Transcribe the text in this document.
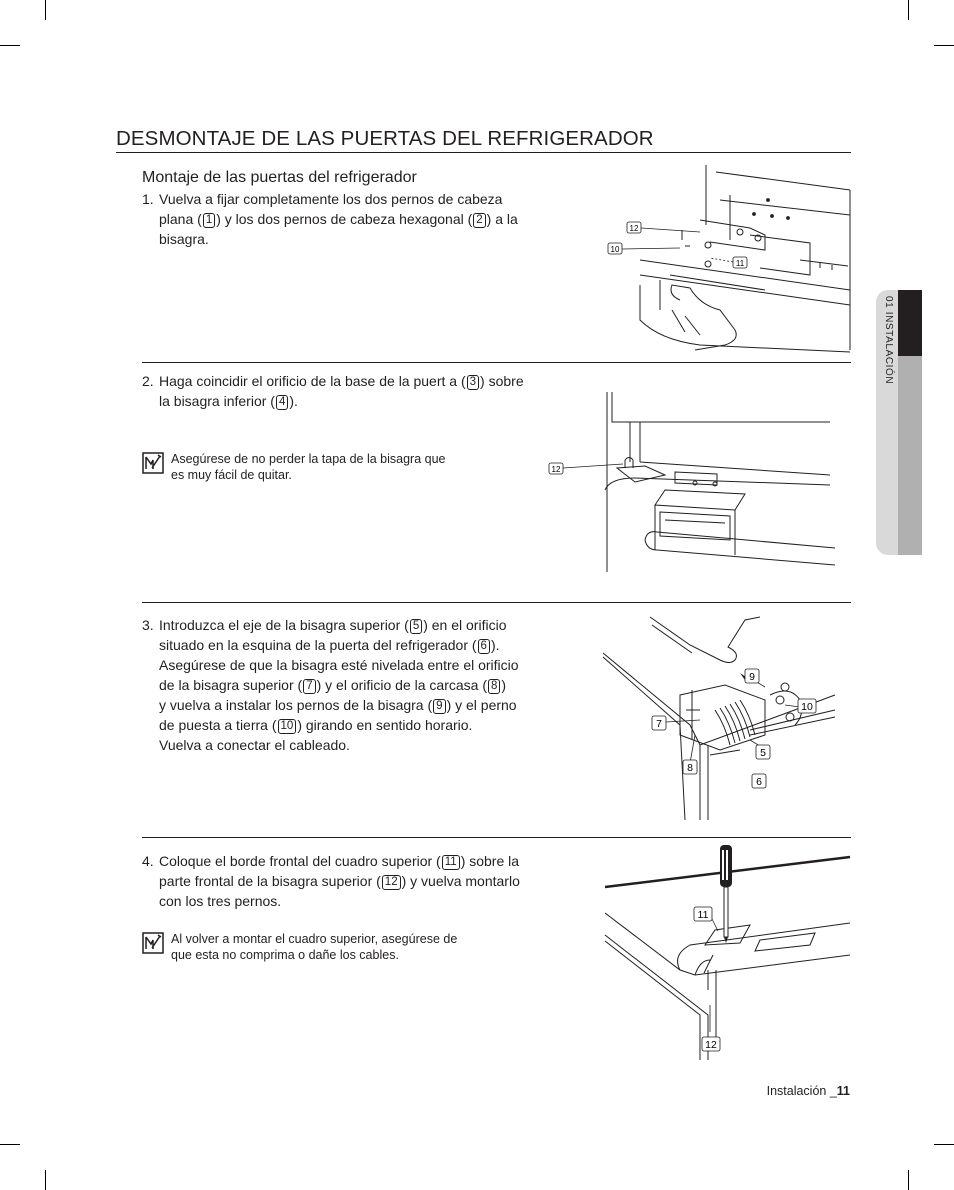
DESMONTAJE DE LAS PUERTAS DEL REFRIGERADOR
Montaje de las puertas del refrigerador
1. Vuelva a fijar completamente los dos pernos de cabeza
plana ( 1 ) y los dos pernos de cabeza hexagonal ( 2 ) a la
bisagra.
2. Haga coincidir el orificio de la base de la puert a ( 3 ) sobre
la bisagra inferior ( 4 ).
3. Introduzca el eje de la bisagra superior ( 5 ) en el orificio
situado en la esquina de la puerta del refrigerador ( 6 ).
Asegúrese de que la bisagra esté nivelada entre el orificio
de la bisagra superior ( 7 ) y el orificio de la carcasa ( 8 )
y vuelva a instalar los pernos de la bisagra ( 9 ) y el perno
de puesta a tierra ( 10 ) girando en sentido horario.
Vuelva a conectar el cableado.
4. Coloque el borde frontal del cuadro superior ( 11 ) sobre la
parte frontal de la bisagra superior ( 12 ) y vuelva montarlo
con los tres pernos.
Asegúrese de no perder la tapa de la bisagra que
es muy fácil de quitar.
Al volver a montar el cuadro superior, asegúrese de
que esta no comprima o dañe los cables.
12
10
11
12
9
10
7
5
8
6
11
12
01 INSTALACIÓN
Instalación _11
